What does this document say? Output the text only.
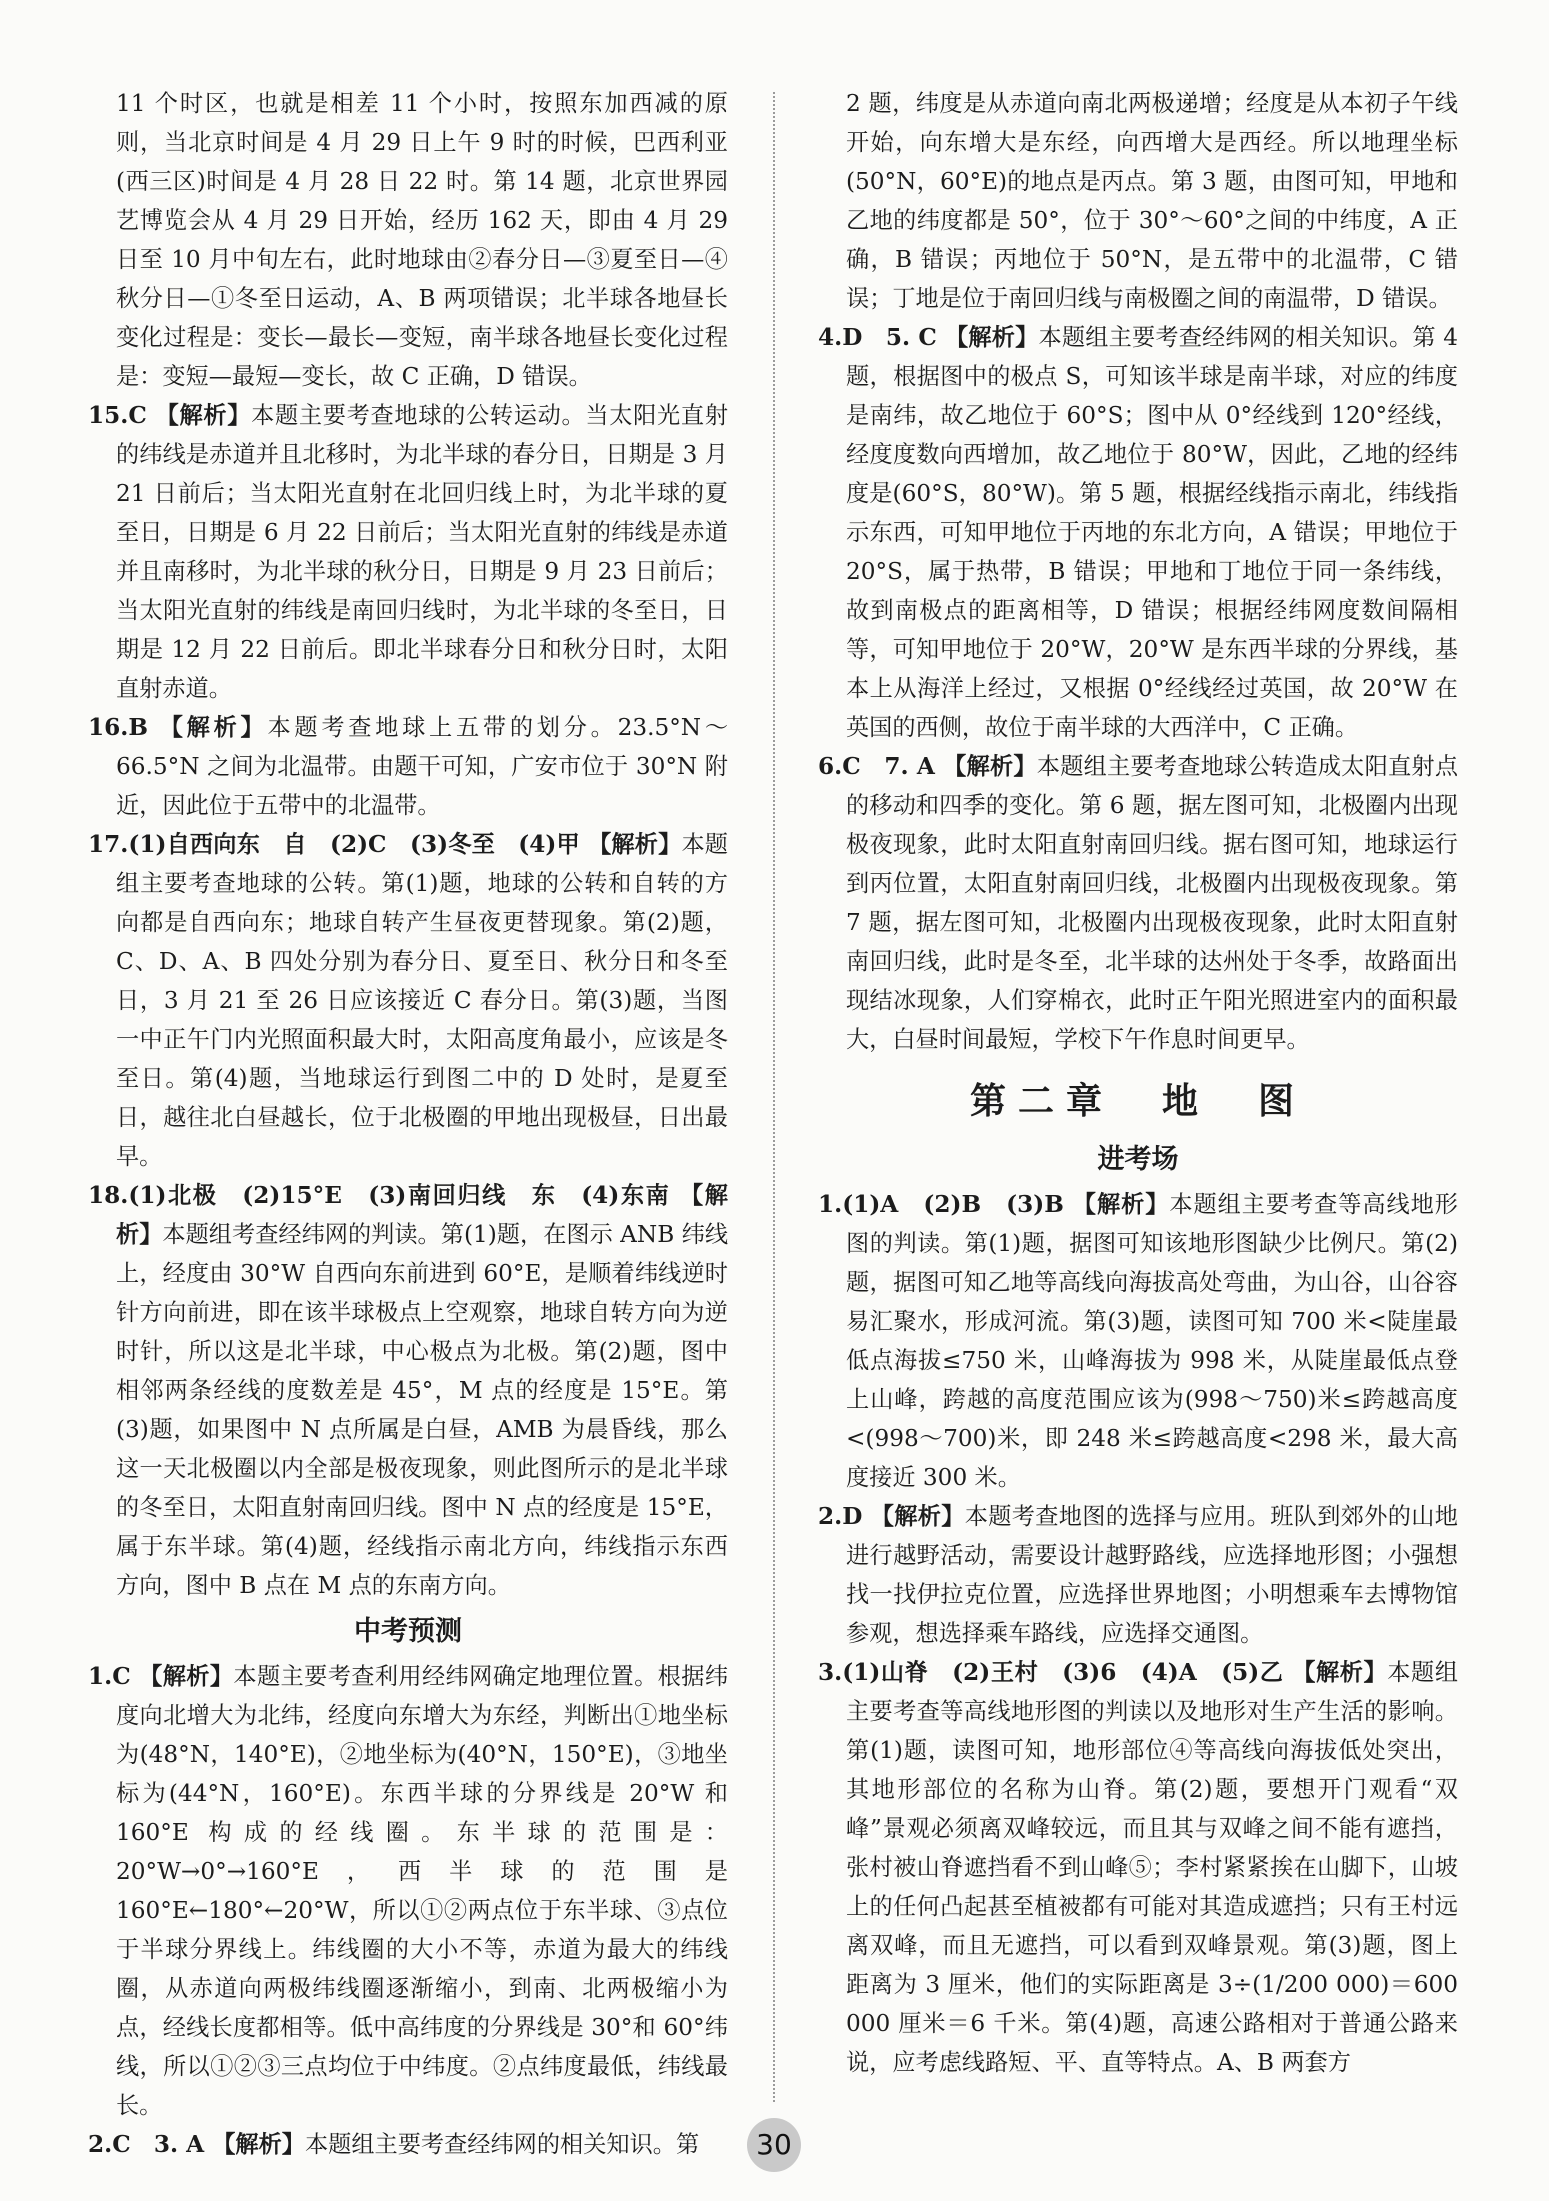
11 个时区，也就是相差 11 个小时，按照东加西减的原则，当北京时间是 4 月 29 日上午 9 时的时候，巴西利亚(西三区)时间是 4 月 28 日 22 时。第 14 题，北京世界园艺博览会从 4 月 29 日开始，经历 162 天，即由 4 月 29 日至 10 月中旬左右，此时地球由②春分日—③夏至日—④秋分日—①冬至日运动，A、B 两项错误；北半球各地昼长变化过程是：变长—最长—变短，南半球各地昼长变化过程是：变短—最短—变长，故 C 正确，D 错误。

15.C 【解析】本题主要考查地球的公转运动。当太阳光直射的纬线是赤道并且北移时，为北半球的春分日，日期是 3 月 21 日前后；当太阳光直射在北回归线上时，为北半球的夏至日，日期是 6 月 22 日前后；当太阳光直射的纬线是赤道并且南移时，为北半球的秋分日，日期是 9 月 23 日前后；当太阳光直射的纬线是南回归线时，为北半球的冬至日，日期是 12 月 22 日前后。即北半球春分日和秋分日时，太阳直射赤道。

16.B 【解析】本题考查地球上五带的划分。23.5°N～66.5°N 之间为北温带。由题干可知，广安市位于 30°N 附近，因此位于五带中的北温带。

17.(1)自西向东　自　(2)C　(3)冬至　(4)甲 【解析】本题组主要考查地球的公转。第(1)题，地球的公转和自转的方向都是自西向东；地球自转产生昼夜更替现象。第(2)题，C、D、A、B 四处分别为春分日、夏至日、秋分日和冬至日，3 月 21 至 26 日应该接近 C 春分日。第(3)题，当图一中正午门内光照面积最大时，太阳高度角最小，应该是冬至日。第(4)题，当地球运行到图二中的 D 处时，是夏至日，越往北白昼越长，位于北极圈的甲地出现极昼，日出最早。

18.(1)北极　(2)15°E　(3)南回归线　东　(4)东南 【解析】本题组考查经纬网的判读。第(1)题，在图示 ANB 纬线上，经度由 30°W 自西向东前进到 60°E，是顺着纬线逆时针方向前进，即在该半球极点上空观察，地球自转方向为逆时针，所以这是北半球，中心极点为北极。第(2)题，图中相邻两条经线的度数差是 45°，M 点的经度是 15°E。第(3)题，如果图中 N 点所属是白昼，AMB 为晨昏线，那么这一天北极圈以内全部是极夜现象，则此图所示的是北半球的冬至日，太阳直射南回归线。图中 N 点的经度是 15°E，属于东半球。第(4)题，经线指示南北方向，纬线指示东西方向，图中 B 点在 M 点的东南方向。

中考预测

1.C 【解析】本题主要考查利用经纬网确定地理位置。根据纬度向北增大为北纬，经度向东增大为东经，判断出①地坐标为(48°N，140°E)，②地坐标为(40°N，150°E)，③地坐标为(44°N，160°E)。东西半球的分界线是 20°W 和 160°E 构成的经线圈。东半球的范围是：20°W→0°→160°E，西半球的范围是 160°E←180°←20°W，所以①②两点位于东半球、③点位于半球分界线上。纬线圈的大小不等，赤道为最大的纬线圈，从赤道向两极纬线圈逐渐缩小，到南、北两极缩小为点，经线长度都相等。低中高纬度的分界线是 30°和 60°纬线，所以①②③三点均位于中纬度。②点纬度最低，纬线最长。

2.C　3. A 【解析】本题组主要考查经纬网的相关知识。第

2 题，纬度是从赤道向南北两极递增；经度是从本初子午线开始，向东增大是东经，向西增大是西经。所以地理坐标(50°N，60°E)的地点是丙点。第 3 题，由图可知，甲地和乙地的纬度都是 50°，位于 30°～60°之间的中纬度，A 正确，B 错误；丙地位于 50°N，是五带中的北温带，C 错误；丁地是位于南回归线与南极圈之间的南温带，D 错误。

4.D　5. C 【解析】本题组主要考查经纬网的相关知识。第 4 题，根据图中的极点 S，可知该半球是南半球，对应的纬度是南纬，故乙地位于 60°S；图中从 0°经线到 120°经线，经度度数向西增加，故乙地位于 80°W，因此，乙地的经纬度是(60°S，80°W)。第 5 题，根据经线指示南北，纬线指示东西，可知甲地位于丙地的东北方向，A 错误；甲地位于 20°S，属于热带，B 错误；甲地和丁地位于同一条纬线，故到南极点的距离相等，D 错误；根据经纬网度数间隔相等，可知甲地位于 20°W，20°W 是东西半球的分界线，基本上从海洋上经过，又根据 0°经线经过英国，故 20°W 在英国的西侧，故位于南半球的大西洋中，C 正确。

6.C　7. A 【解析】本题组主要考查地球公转造成太阳直射点的移动和四季的变化。第 6 题，据左图可知，北极圈内出现极夜现象，此时太阳直射南回归线。据右图可知，地球运行到丙位置，太阳直射南回归线，北极圈内出现极夜现象。第 7 题，据左图可知，北极圈内出现极夜现象，此时太阳直射南回归线，此时是冬至，北半球的达州处于冬季，故路面出现结冰现象，人们穿棉衣，此时正午阳光照进室内的面积最大，白昼时间最短，学校下午作息时间更早。

第二章　地　图
进考场

1.(1)A　(2)B　(3)B 【解析】本题组主要考查等高线地形图的判读。第(1)题，据图可知该地形图缺少比例尺。第(2)题，据图可知乙地等高线向海拔高处弯曲，为山谷，山谷容易汇聚水，形成河流。第(3)题，读图可知 700 米<陡崖最低点海拔≤750 米，山峰海拔为 998 米，从陡崖最低点登上山峰，跨越的高度范围应该为(998～750)米≤跨越高度<(998～700)米，即 248 米≤跨越高度<298 米，最大高度接近 300 米。

2.D 【解析】本题考查地图的选择与应用。班队到郊外的山地进行越野活动，需要设计越野路线，应选择地形图；小强想找一找伊拉克位置，应选择世界地图；小明想乘车去博物馆参观，想选择乘车路线，应选择交通图。

3.(1)山脊　(2)王村　(3)6　(4)A　(5)乙 【解析】本题组主要考查等高线地形图的判读以及地形对生产生活的影响。第(1)题，读图可知，地形部位④等高线向海拔低处突出，其地形部位的名称为山脊。第(2)题，要想开门观看“双峰”景观必须离双峰较远，而且其与双峰之间不能有遮挡，张村被山脊遮挡看不到山峰⑤；李村紧紧挨在山脚下，山坡上的任何凸起甚至植被都有可能对其造成遮挡；只有王村远离双峰，而且无遮挡，可以看到双峰景观。第(3)题，图上距离为 3 厘米，他们的实际距离是 3÷(1/200 000)＝600 000 厘米＝6 千米。第(4)题，高速公路相对于普通公路来说，应考虑线路短、平、直等特点。A、B 两套方

30
